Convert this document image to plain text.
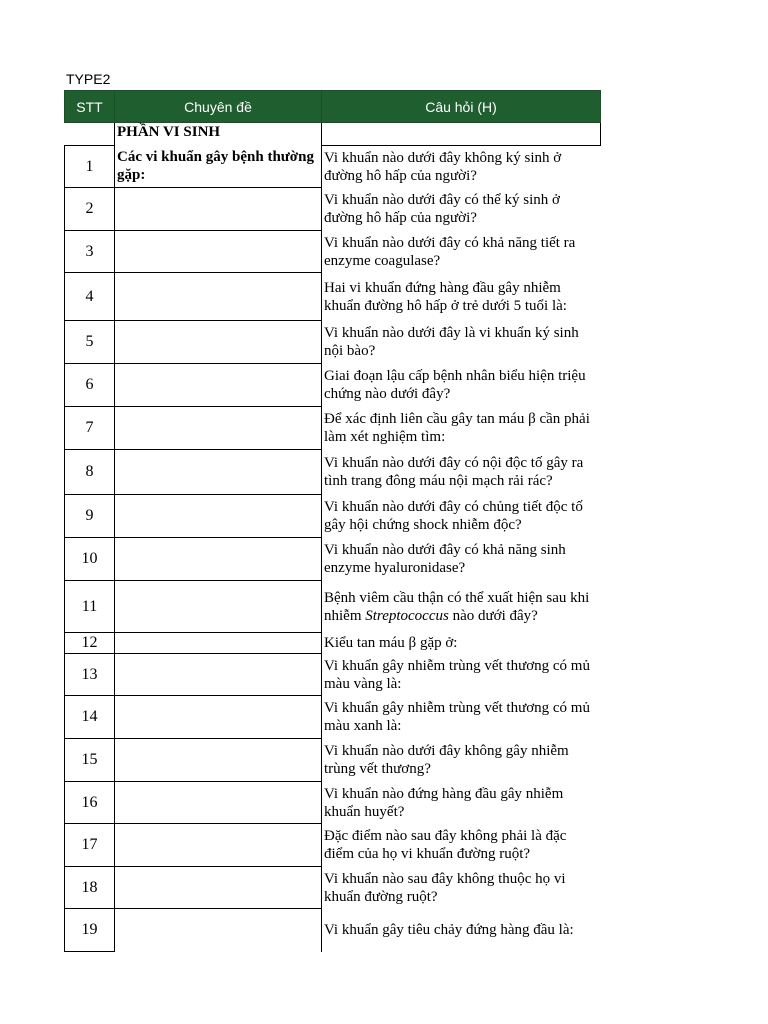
TYPE2
STT	Chuyên đề	Câu hỏi (H)
	PHẦN VI SINH	
1	Các vi khuẩn gây bệnh thường gặp:	Vi khuẩn nào dưới đây không ký sinh ở đường hô hấp của người?
2		Vi khuẩn nào dưới đây có thể ký sinh ở đường hô hấp của người?
3		Vi khuẩn nào dưới đây có khả năng tiết ra enzyme coagulase?
4		Hai vi khuẩn đứng hàng đầu gây nhiễm khuẩn đường hô hấp ở trẻ dưới 5 tuổi là:
5		Vi khuẩn nào dưới đây là vi khuẩn ký sinh nội bào?
6		Giai đoạn lậu cấp bệnh nhân biểu hiện triệu chứng nào dưới đây?
7		Để xác định liên cầu gây tan máu β cần phải làm xét nghiệm tìm:
8		Vi khuẩn nào dưới đây có nội độc tố gây ra tình trang đông máu nội mạch rải rác?
9		Vi khuẩn nào dưới đây có chủng tiết độc tố gây hội chứng shock nhiễm độc?
10		Vi khuẩn nào dưới đây có khả năng sinh enzyme hyaluronidase?
11		Bệnh viêm cầu thận có thể xuất hiện sau khi nhiễm Streptococcus nào dưới đây?
12		Kiểu tan máu β gặp ở:
13		Vi khuẩn gây nhiễm trùng vết thương có mủ màu vàng là:
14		Vi khuẩn gây nhiễm trùng vết thương có mủ màu xanh là:
15		Vi khuẩn nào dưới đây không gây nhiễm trùng vết thương?
16		Vi khuẩn nào đứng hàng đầu gây nhiễm khuẩn huyết?
17		Đặc điểm nào sau đây không phải là đặc điểm của họ vi khuẩn đường ruột?
18		Vi khuẩn nào sau đây không thuộc họ vi khuẩn đường ruột?
19		Vi khuẩn gây tiêu chảy đứng hàng đầu là:
